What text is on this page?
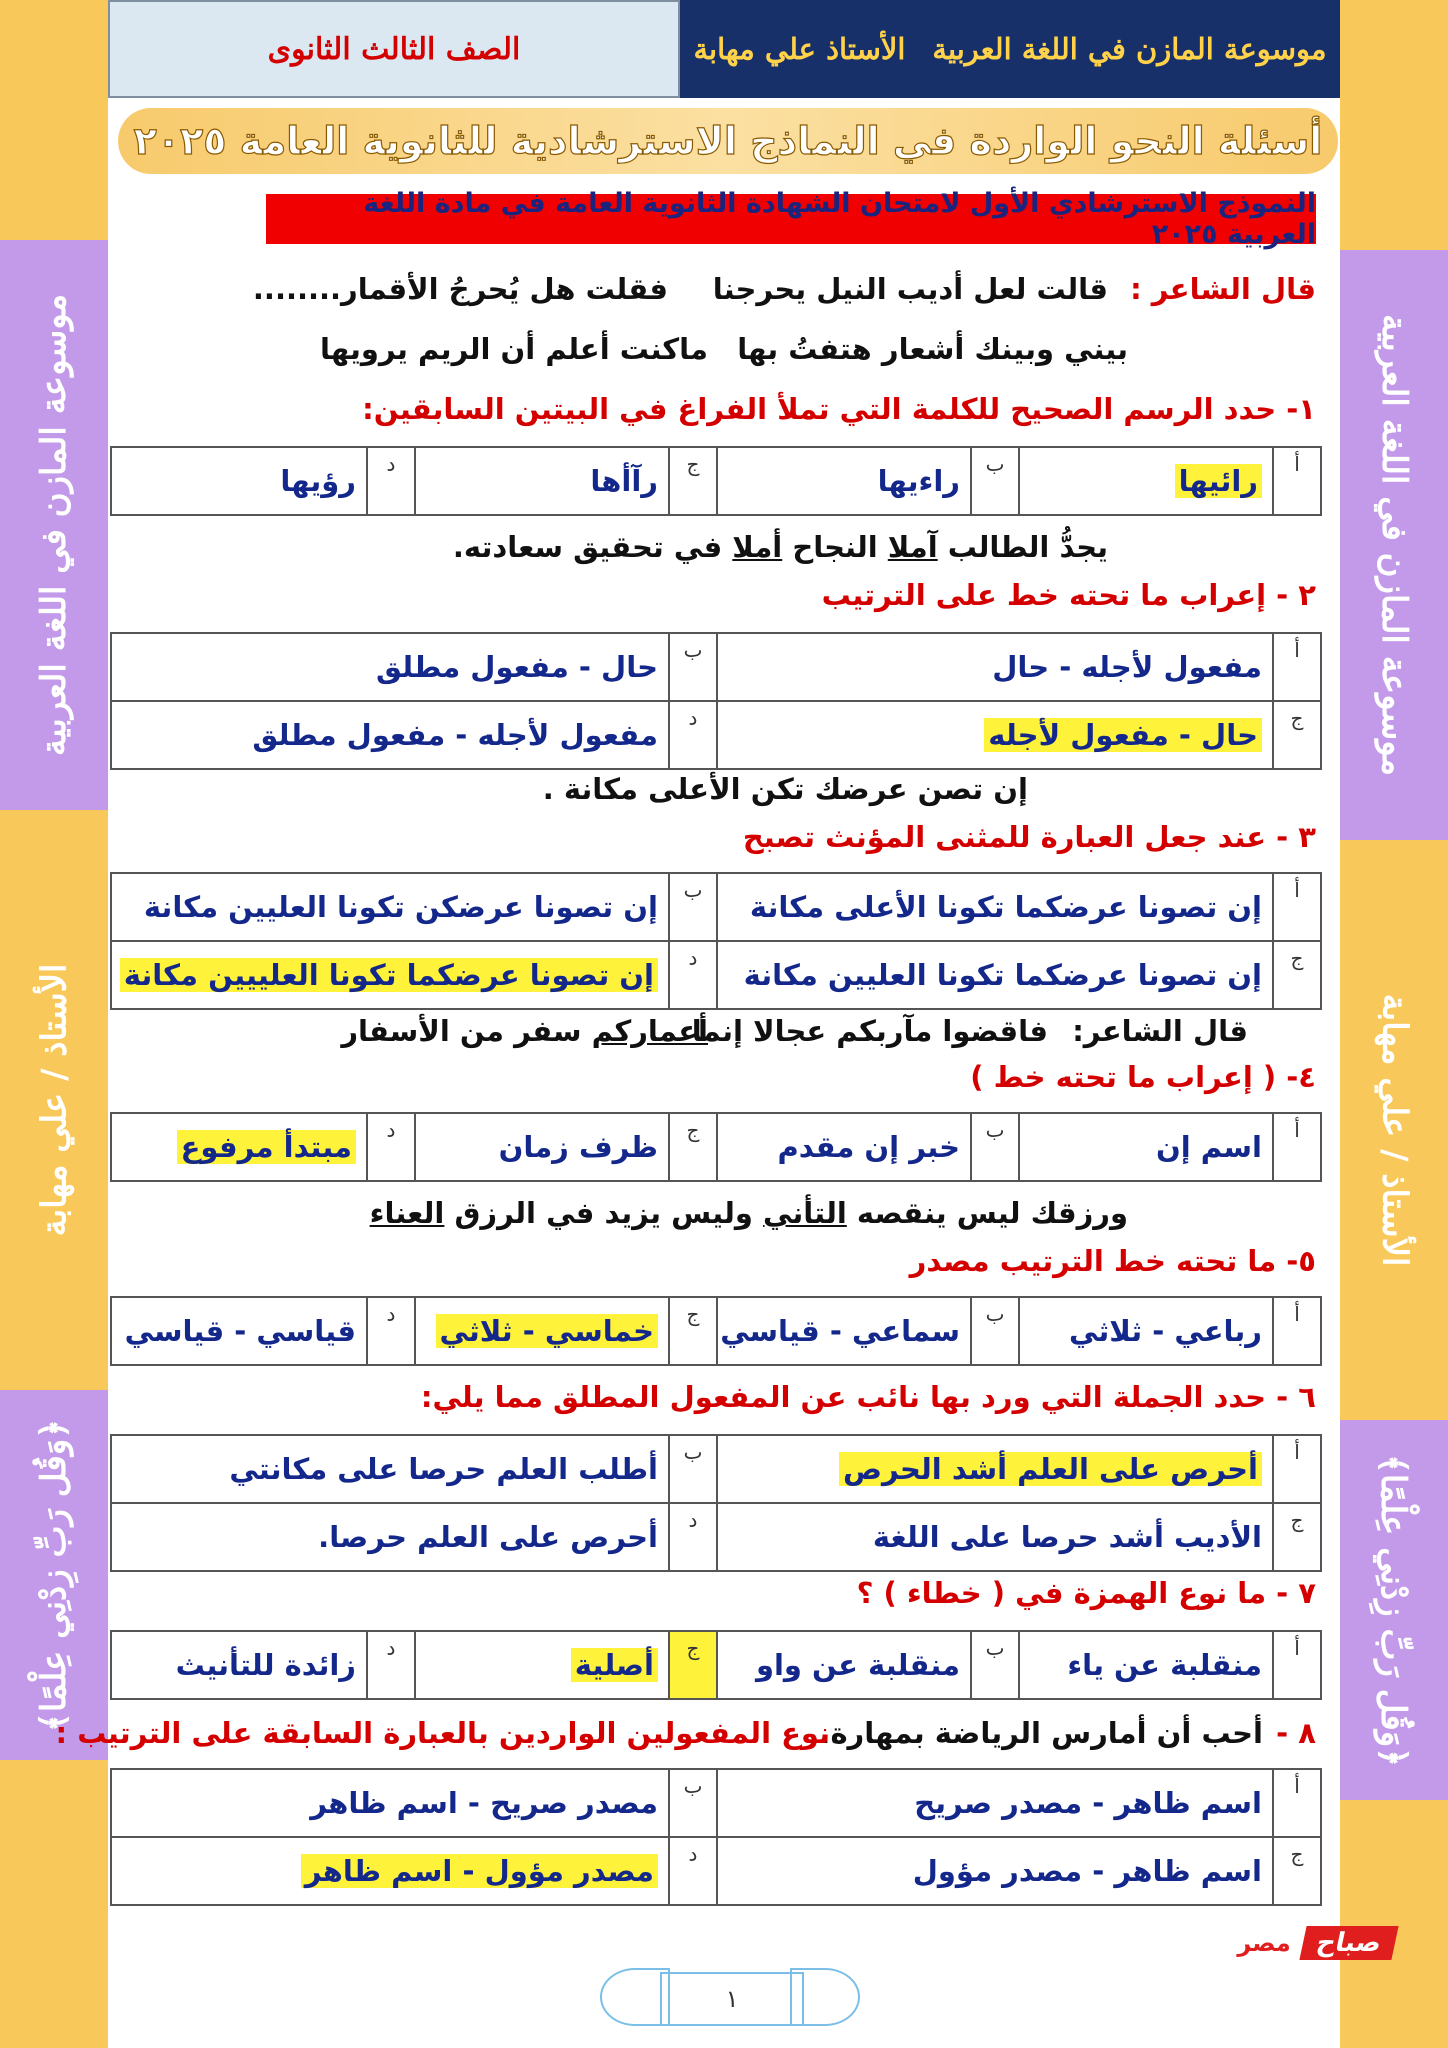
موسوعة المازن في اللغة العربية
الأستاذ / علي مهابة
﴿وَقُل رَبِّ زِدْنِي عِلْمًا﴾
موسوعة المازن في اللغة العربية
الأستاذ / علي مهابة
﴿وَقُل رَبِّ زِدْنِي عِلْمًا﴾
الصف الثالث الثانوى	موسوعة المازن في اللغة العربية
الأستاذ علي مهابة
أسئلة النحو الواردة في النماذج الاسترشادية للثانوية العامة ٢٠٢٥
النموذج الاسترشادي الأول لامتحان الشهادة الثانوية العامة في مادة اللغة العربية ٢٠٢٥
قال الشاعر :
قالت لعل أديب النيل يحرجنا
فقلت هل يُحرجُ الأقمار........
بيني وبينك أشعار هتفتُ بها
ماكنت أعلم أن الريم يرويها
١- حدد الرسم الصحيح للكلمة التي تملأ الفراغ في البيتين السابقين:
أ
رائيها
ب
راءيها
ج
رآأها
د
رؤيها
يجدُّ الطالب آملا النجاح أملا في تحقيق سعادته.
٢ - إعراب ما تحته خط على الترتيب
أ
مفعول لأجله - حال
ب
حال - مفعول مطلق
ج
حال - مفعول لأجله
د
مفعول لأجله - مفعول مطلق
إن تصن عرضك تكن الأعلى مكانة .
٣ - عند جعل العبارة للمثنى المؤنث تصبح
أ
إن تصونا عرضكما تكونا الأعلى مكانة
ب
إن تصونا عرضكن تكونا العليين مكانة
ج
إن تصونا عرضكما تكونا العليين مكانة
د
إن تصونا عرضكما تكونا العلييين مكانة
قال الشاعر:
فاقضوا مآربكم عجالا إنما
أعماركم سفر من الأسفار
٤- ( إعراب ما تحته خط )
أ
اسم إن
ب
خبر إن مقدم
ج
ظرف زمان
د
مبتدأ مرفوع
ورزقك ليس ينقصه التأني وليس يزيد في الرزق العناء
٥- ما تحته خط الترتيب مصدر
أ
رباعي - ثلاثي
ب
سماعي - قياسي
ج
خماسي - ثلاثي
د
قياسي - قياسي
٦ - حدد الجملة التي ورد بها نائب عن المفعول المطلق مما يلي:
أ
أحرص على العلم أشد الحرص
ب
أطلب العلم حرصا على مكانتي
ج
الأديب أشد حرصا على اللغة
د
أحرص على العلم حرصا.
٧ - ما نوع الهمزة في ( خطاء ) ؟
أ
منقلبة عن ياء
ب
منقلبة عن واو
ج
أصلية
د
زائدة للتأنيث
٨ -
أحب أن أمارس الرياضة بمهارة.
نوع المفعولين الواردين بالعبارة السابقة على الترتيب :
أ
اسم ظاهر - مصدر صريح
ب
مصدر صريح - اسم ظاهر
ج
اسم ظاهر - مصدر مؤول
د
مصدر مؤول - اسم ظاهر
صباح
مصر
١
